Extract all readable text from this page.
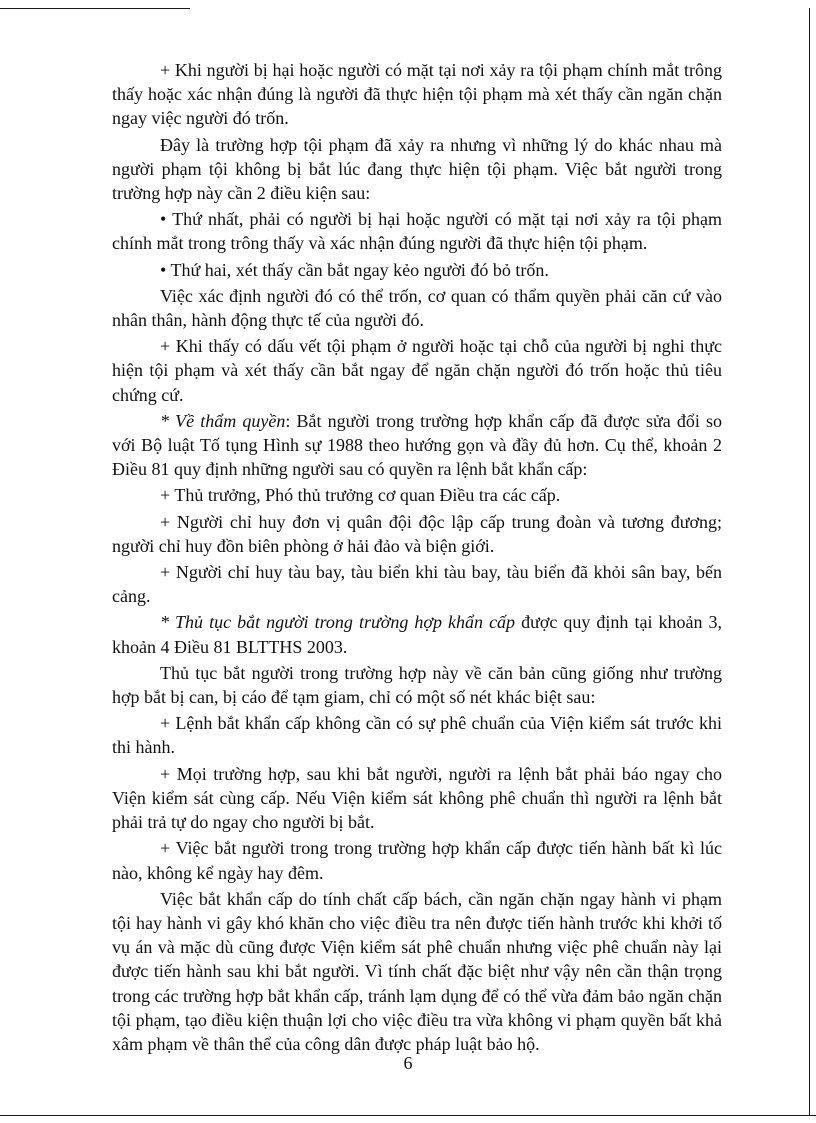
+ Khi người bị hại hoặc người có mặt tại nơi xảy ra tội phạm chính mắt trông thấy hoặc xác nhận đúng là người đã thực hiện tội phạm mà xét thấy cần ngăn chặn ngay việc người đó trốn.

Đây là trường hợp tội phạm đã xảy ra nhưng vì những lý do khác nhau mà người phạm tội không bị bắt lúc đang thực hiện tội phạm. Việc bắt người trong trường hợp này cần 2 điều kiện sau:

• Thứ nhất, phải có người bị hại hoặc người có mặt tại nơi xảy ra tội phạm chính mắt trong trông thấy và xác nhận đúng người đã thực hiện tội phạm.

• Thứ hai, xét thấy cần bắt ngay kẻo người đó bỏ trốn.

Việc xác định người đó có thể trốn, cơ quan có thẩm quyền phải căn cứ vào nhân thân, hành động thực tế của người đó.

+ Khi thấy có dấu vết tội phạm ở người hoặc tại chỗ của người bị nghi thực hiện tội phạm và xét thấy cần bắt ngay để ngăn chặn người đó trốn hoặc thủ tiêu chứng cứ.

* Về thẩm quyền: Bắt người trong trường hợp khẩn cấp đã được sửa đổi so với Bộ luật Tố tụng Hình sự 1988 theo hướng gọn và đầy đủ hơn. Cụ thể, khoản 2 Điều 81 quy định những người sau có quyền ra lệnh bắt khẩn cấp:

+ Thủ trưởng, Phó thủ trưởng cơ quan Điều tra các cấp.

+ Người chỉ huy đơn vị quân đội độc lập cấp trung đoàn và tương đương; người chỉ huy đồn biên phòng ở hải đảo và biện giới.

+ Người chỉ huy tàu bay, tàu biển khi tàu bay, tàu biển đã khỏi sân bay, bến cảng.

* Thủ tục bắt người trong trường hợp khẩn cấp được quy định tại khoản 3, khoản 4 Điều 81 BLTTHS 2003.

Thủ tục bắt người trong trường hợp này về căn bản cũng giống như trường hợp bắt bị can, bị cáo để tạm giam, chỉ có một số nét khác biệt sau:

+ Lệnh bắt khẩn cấp không cần có sự phê chuẩn của Viện kiểm sát trước khi thi hành.

+ Mọi trường hợp, sau khi bắt người, người ra lệnh bắt phải báo ngay cho Viện kiểm sát cùng cấp. Nếu Viện kiểm sát không phê chuẩn thì người ra lệnh bắt phải trả tự do ngay cho người bị bắt.

+ Việc bắt người trong trong trường hợp khẩn cấp được tiến hành bất kì lúc nào, không kể ngày hay đêm.

Việc bắt khẩn cấp do tính chất cấp bách, cần ngăn chặn ngay hành vi phạm tội hay hành vi gây khó khăn cho việc điều tra nên được tiến hành trước khi khởi tố vụ án và mặc dù cũng được Viện kiểm sát phê chuẩn nhưng việc phê chuẩn này lại được tiến hành sau khi bắt người. Vì tính chất đặc biệt như vậy nên cần thận trọng trong các trường hợp bắt khẩn cấp, tránh lạm dụng để có thể vừa đảm bảo ngăn chặn tội phạm, tạo điều kiện thuận lợi cho việc điều tra vừa không vi phạm quyền bất khả xâm phạm về thân thể của công dân được pháp luật bảo hộ.

6
